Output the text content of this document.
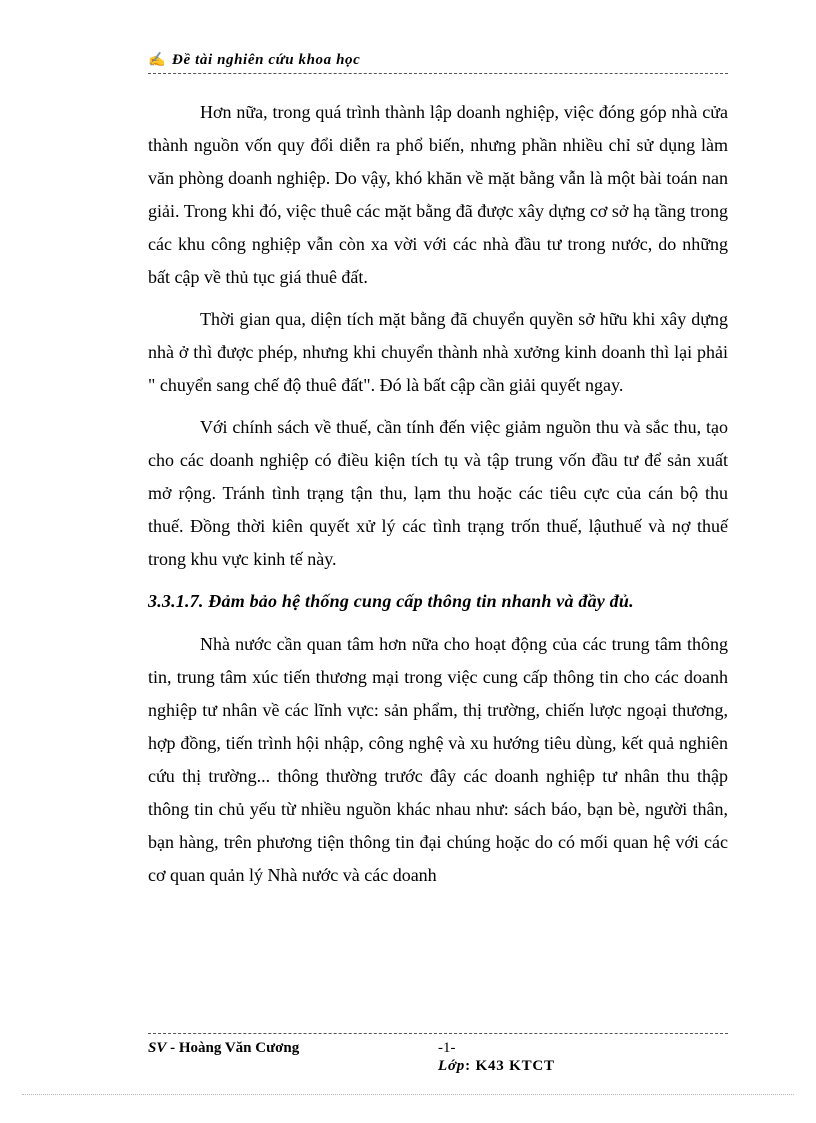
✍ Đề tài nghiên cứu khoa học

Hơn nữa, trong quá trình thành lập doanh nghiệp, việc đóng góp nhà cửa thành nguồn vốn quy đổi diễn ra phổ biến, nhưng phần nhiều chỉ sử dụng làm văn phòng doanh nghiệp. Do vậy, khó khăn về mặt bằng vẫn là một bài toán nan giải. Trong khi đó, việc thuê các mặt bằng đã được xây dựng cơ sở hạ tầng trong các khu công nghiệp vẫn còn xa vời với các nhà đầu tư trong nước, do những bất cập về thủ tục giá thuê đất.

Thời gian qua, diện tích mặt bằng đã chuyển quyền sở hữu khi xây dựng nhà ở thì được phép, nhưng khi chuyển thành nhà xưởng kinh doanh thì lại phải " chuyển sang chế độ thuê đất". Đó là bất cập cần giải quyết ngay.

Với chính sách về thuế, cần tính đến việc giảm nguồn thu và sắc thu, tạo cho các doanh nghiệp có điều kiện tích tụ và tập trung vốn đầu tư để sản xuất mở rộng. Tránh tình trạng tận thu, lạm thu hoặc các tiêu cực của cán bộ thu thuế. Đồng thời kiên quyết xử lý các tình trạng trốn thuế, lậuthuế và nợ thuế trong khu vực kinh tế này.

3.3.1.7. Đảm bảo hệ thống cung cấp thông tin nhanh và đầy đủ.

Nhà nước cần quan tâm hơn nữa cho hoạt động của các trung tâm thông tin, trung tâm xúc tiến thương mại trong việc cung cấp thông tin cho các doanh nghiệp tư nhân về các lĩnh vực: sản phẩm, thị trường, chiến lược ngoại thương, hợp đồng, tiến trình hội nhập, công nghệ và xu hướng tiêu dùng, kết quả nghiên cứu thị trường... thông thường trước đây các doanh nghiệp tư nhân thu thập thông tin chủ yếu từ nhiều nguồn khác nhau như: sách báo, bạn bè, người thân, bạn hàng, trên phương tiện thông tin đại chúng hoặc do có mối quan hệ với các cơ quan quản lý Nhà nước và các doanh

SV - Hoàng Văn Cương	-1-
Lớp: K43 KTCT
